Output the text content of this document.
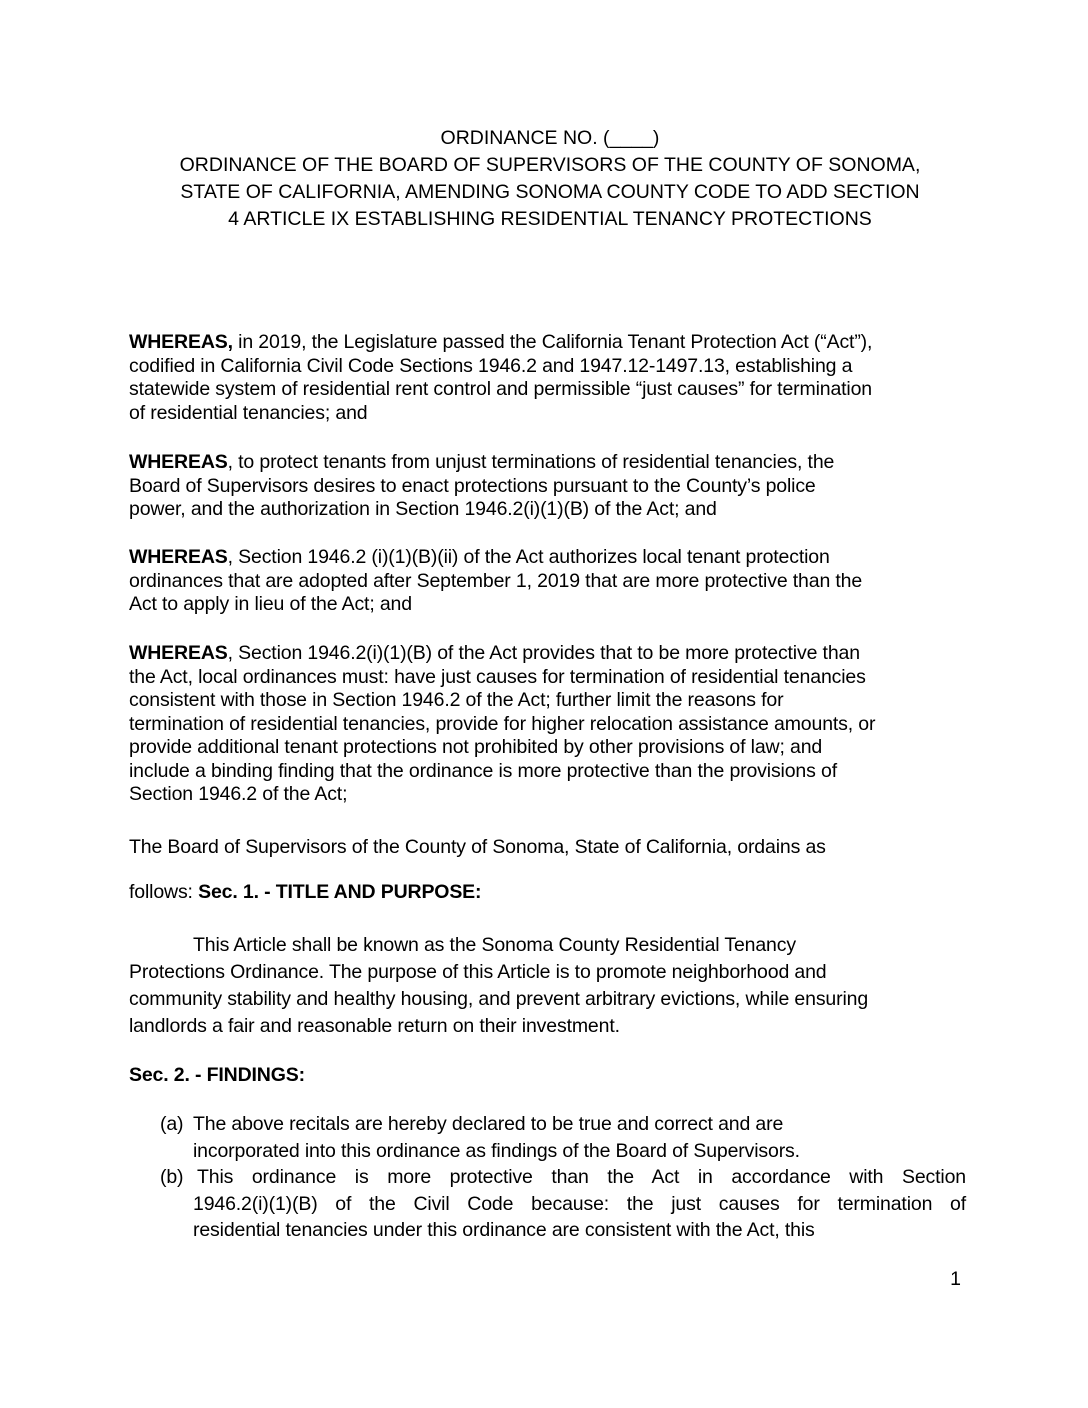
ORDINANCE NO. (____)
ORDINANCE OF THE BOARD OF SUPERVISORS OF THE COUNTY OF SONOMA,
STATE OF CALIFORNIA, AMENDING SONOMA COUNTY CODE TO ADD SECTION
4 ARTICLE IX ESTABLISHING RESIDENTIAL TENANCY PROTECTIONS
WHEREAS, in 2019, the Legislature passed the California Tenant Protection Act (“Act”),
codified in California Civil Code Sections 1946.2 and 1947.12-1497.13, establishing a
statewide system of residential rent control and permissible “just causes” for termination
of residential tenancies; and
WHEREAS, to protect tenants from unjust terminations of residential tenancies, the
Board of Supervisors desires to enact protections pursuant to the County’s police
power, and the authorization in Section 1946.2(i)(1)(B) of the Act; and
WHEREAS, Section 1946.2 (i)(1)(B)(ii) of the Act authorizes local tenant protection
ordinances that are adopted after September 1, 2019 that are more protective than the
Act to apply in lieu of the Act; and
WHEREAS, Section 1946.2(i)(1)(B) of the Act provides that to be more protective than
the Act, local ordinances must: have just causes for termination of residential tenancies
consistent with those in Section 1946.2 of the Act; further limit the reasons for
termination of residential tenancies, provide for higher relocation assistance amounts, or
provide additional tenant protections not prohibited by other provisions of law; and
include a binding finding that the ordinance is more protective than the provisions of
Section 1946.2 of the Act;
The Board of Supervisors of the County of Sonoma, State of California, ordains as
follows: Sec. 1. - TITLE AND PURPOSE:
This Article shall be known as the Sonoma County Residential Tenancy
Protections Ordinance. The purpose of this Article is to promote neighborhood and
community stability and healthy housing, and prevent arbitrary evictions, while ensuring
landlords a fair and reasonable return on their investment.
Sec. 2. - FINDINGS:
(a) The above recitals are hereby declared to be true and correct and are
incorporated into this ordinance as findings of the Board of Supervisors.
(b) This ordinance is more protective than the Act in accordance with Section
1946.2(i)(1)(B) of the Civil Code because: the just causes for termination of
residential tenancies under this ordinance are consistent with the Act, this
1
